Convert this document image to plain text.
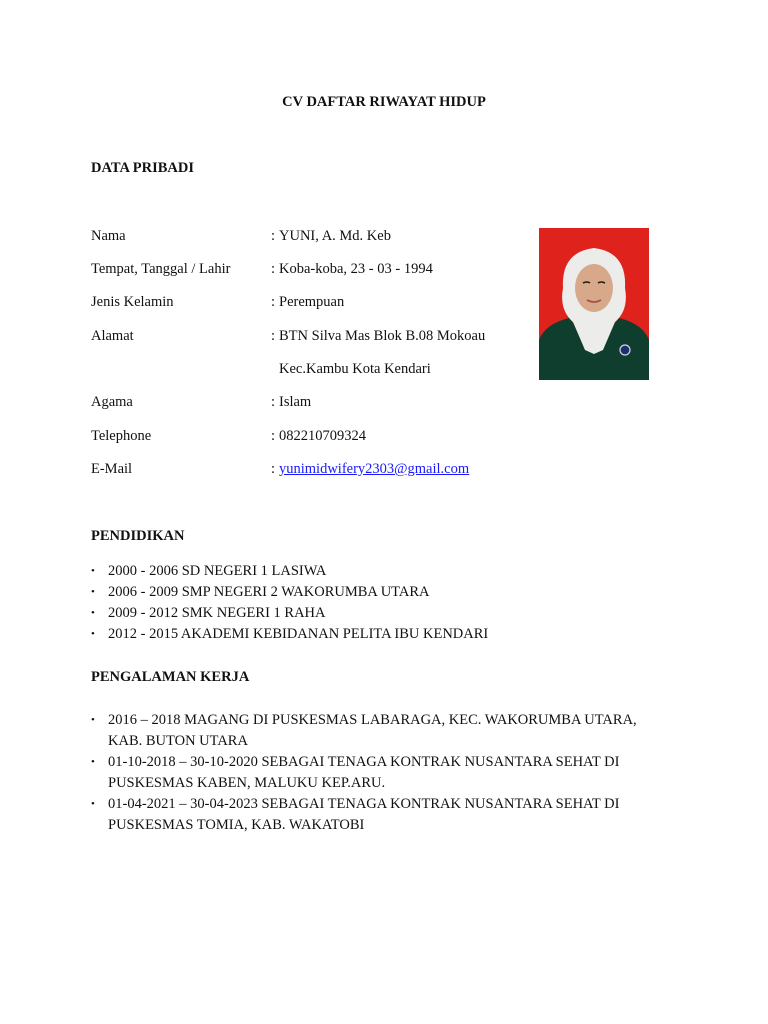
CV DAFTAR RIWAYAT HIDUP
DATA PRIBADI
Nama	: YUNI, A. Md. Keb
Tempat, Tanggal / Lahir	: Koba-koba, 23 - 03 - 1994
Jenis Kelamin	: Perempuan
Alamat	: BTN Silva Mas Blok B.08 Mokoau
Kec.Kambu Kota Kendari
Agama	: Islam
Telephone	: 082210709324
E-Mail	: yunimidwifery2303@gmail.com
PENDIDIKAN
• 2000 - 2006 SD NEGERI 1 LASIWA
• 2006 - 2009 SMP NEGERI 2 WAKORUMBA UTARA
• 2009 - 2012 SMK NEGERI 1 RAHA
• 2012 - 2015 AKADEMI KEBIDANAN PELITA IBU KENDARI
PENGALAMAN KERJA
• 2016 – 2018 MAGANG DI PUSKESMAS LABARAGA, KEC. WAKORUMBA UTARA, KAB. BUTON UTARA
• 01-10-2018 – 30-10-2020 SEBAGAI TENAGA KONTRAK NUSANTARA SEHAT DI PUSKESMAS KABEN, MALUKU KEP.ARU.
• 01-04-2021 – 30-04-2023 SEBAGAI TENAGA KONTRAK NUSANTARA SEHAT DI PUSKESMAS TOMIA, KAB. WAKATOBI
